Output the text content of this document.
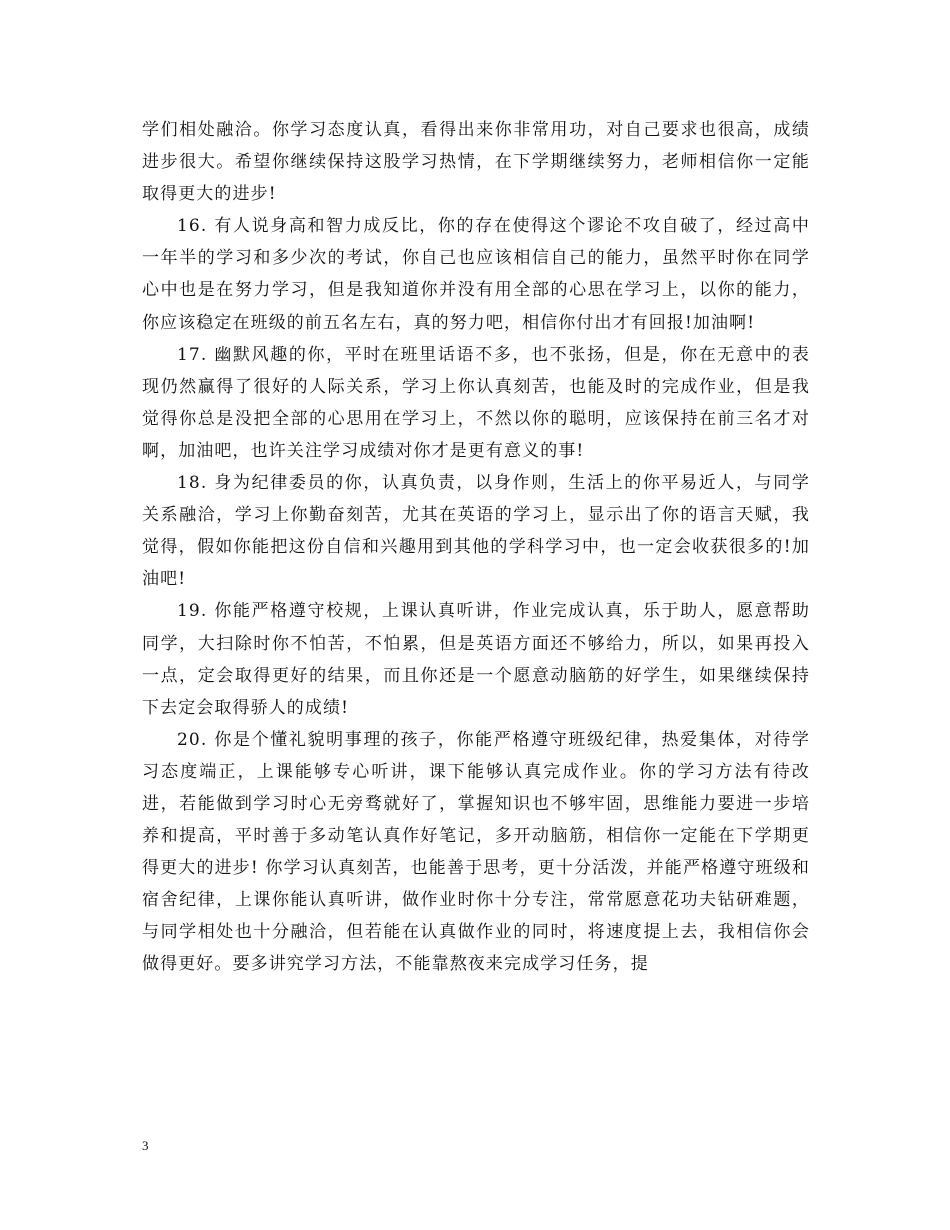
学们相处融洽。你学习态度认真，看得出来你非常用功，对自己要求也很高，成绩进步很大。希望你继续保持这股学习热情，在下学期继续努力，老师相信你一定能取得更大的进步!

16. 有人说身高和智力成反比，你的存在使得这个谬论不攻自破了，经过高中一年半的学习和多少次的考试，你自己也应该相信自己的能力，虽然平时你在同学心中也是在努力学习，但是我知道你并没有用全部的心思在学习上，以你的能力，你应该稳定在班级的前五名左右，真的努力吧，相信你付出才有回报!加油啊!

17. 幽默风趣的你，平时在班里话语不多，也不张扬，但是，你在无意中的表现仍然赢得了很好的人际关系，学习上你认真刻苦，也能及时的完成作业，但是我觉得你总是没把全部的心思用在学习上，不然以你的聪明，应该保持在前三名才对啊，加油吧，也许关注学习成绩对你才是更有意义的事!

18. 身为纪律委员的你，认真负责，以身作则，生活上的你平易近人，与同学关系融洽，学习上你勤奋刻苦，尤其在英语的学习上，显示出了你的语言天赋，我觉得，假如你能把这份自信和兴趣用到其他的学科学习中，也一定会收获很多的!加油吧!

19. 你能严格遵守校规，上课认真听讲，作业完成认真，乐于助人，愿意帮助同学，大扫除时你不怕苦，不怕累，但是英语方面还不够给力，所以，如果再投入一点，定会取得更好的结果，而且你还是一个愿意动脑筋的好学生，如果继续保持下去定会取得骄人的成绩!

20. 你是个懂礼貌明事理的孩子，你能严格遵守班级纪律，热爱集体，对待学习态度端正，上课能够专心听讲，课下能够认真完成作业。你的学习方法有待改进，若能做到学习时心无旁骛就好了，掌握知识也不够牢固，思维能力要进一步培养和提高，平时善于多动笔认真作好笔记，多开动脑筋，相信你一定能在下学期更得更大的进步! 你学习认真刻苦，也能善于思考，更十分活泼，并能严格遵守班级和宿舍纪律，上课你能认真听讲，做作业时你十分专注，常常愿意花功夫钻研难题，与同学相处也十分融洽，但若能在认真做作业的同时，将速度提上去，我相信你会做得更好。要多讲究学习方法，不能靠熬夜来完成学习任务，提

3
